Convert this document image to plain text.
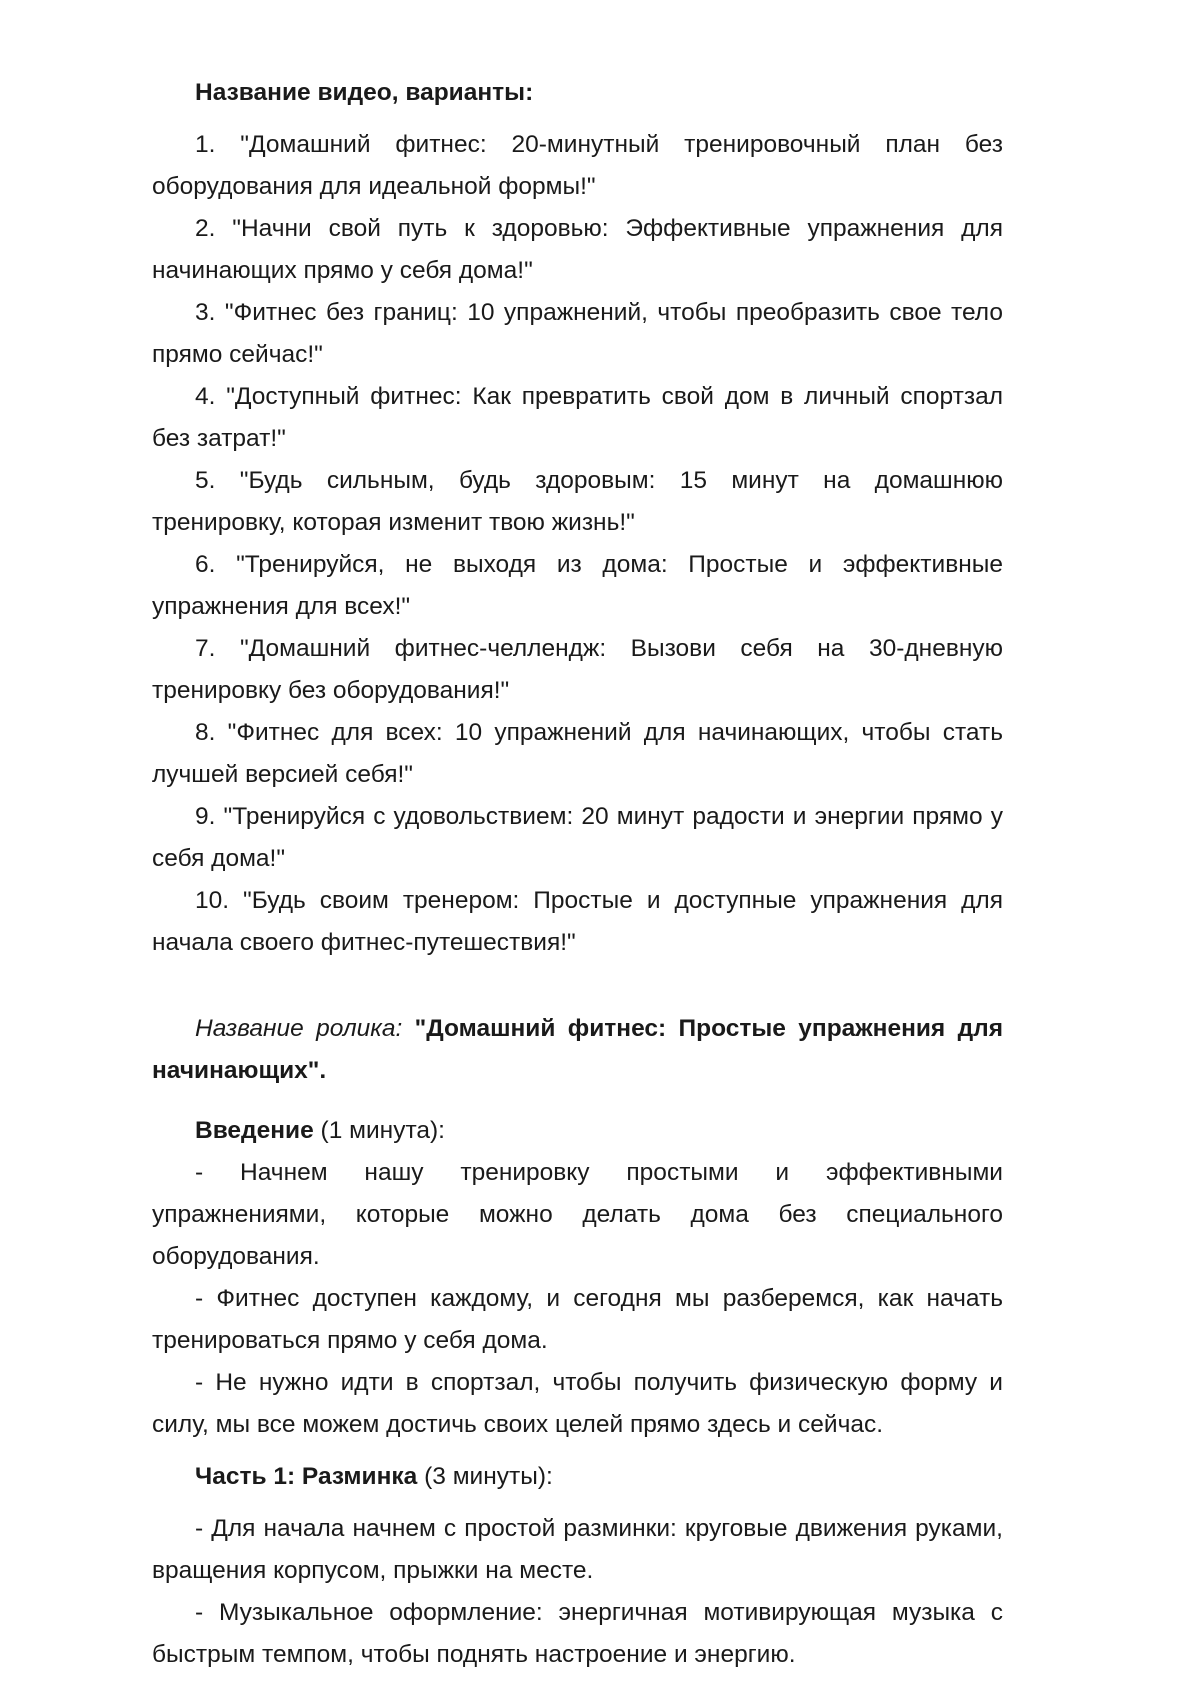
Название видео, варианты:

1. "Домашний фитнес: 20-минутный тренировочный план без оборудования для идеальной формы!"

2. "Начни свой путь к здоровью: Эффективные упражнения для начинающих прямо у себя дома!"

3. "Фитнес без границ: 10 упражнений, чтобы преобразить свое тело прямо сейчас!"

4. "Доступный фитнес: Как превратить свой дом в личный спортзал без затрат!"

5. "Будь сильным, будь здоровым: 15 минут на домашнюю тренировку, которая изменит твою жизнь!"

6. "Тренируйся, не выходя из дома: Простые и эффективные упражнения для всех!"

7. "Домашний фитнес-челлендж: Вызови себя на 30-дневную тренировку без оборудования!"

8. "Фитнес для всех: 10 упражнений для начинающих, чтобы стать лучшей версией себя!"

9. "Тренируйся с удовольствием: 20 минут радости и энергии прямо у себя дома!"

10. "Будь своим тренером: Простые и доступные упражнения для начала своего фитнес-путешествия!"

Название ролика: "Домашний фитнес: Простые упражнения для начинающих".

Введение (1 минута):

- Начнем нашу тренировку простыми и эффективными упражнениями, которые можно делать дома без специального оборудования.

- Фитнес доступен каждому, и сегодня мы разберемся, как начать тренироваться прямо у себя дома.

- Не нужно идти в спортзал, чтобы получить физическую форму и силу, мы все можем достичь своих целей прямо здесь и сейчас.

Часть 1: Разминка (3 минуты):

- Для начала начнем с простой разминки: круговые движения руками, вращения корпусом, прыжки на месте.

- Музыкальное оформление: энергичная мотивирующая музыка с быстрым темпом, чтобы поднять настроение и энергию.
